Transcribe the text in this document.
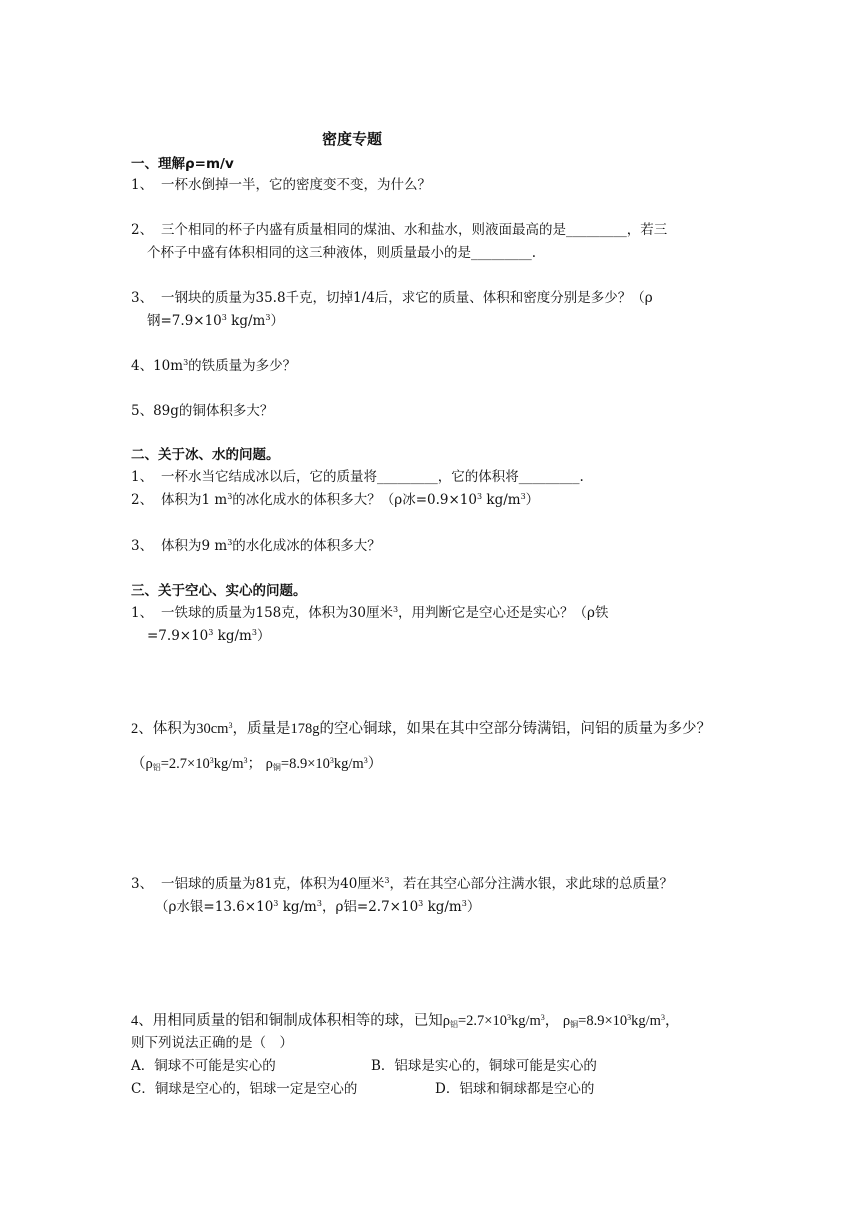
密度专题
一、理解ρ=m/v
1、 一杯水倒掉一半，它的密度变不变，为什么？
2、 三个相同的杯子内盛有质量相同的煤油、水和盐水，则液面最高的是_________，若三
个杯子中盛有体积相同的这三种液体，则质量最小的是_________.
3、 一钢块的质量为35.8千克，切掉1/4后，求它的质量、体积和密度分别是多少？（ρ
钢$=7.9\times 10^3$ $kg/m^3$）
4、$10m^3$的铁质量为多少？
5、89g的铜体积多大？
二、关于冰、水的问题。
1、 一杯水当它结成冰以后，它的质量将_________，它的体积将_________.
2、 体积为1 $m^3$的冰化成水的体积多大？（ρ冰$=0.9\times 10^3$ $kg/m^3$）
3、 体积为9 $m^3$的水化成冰的体积多大？
三、关于空心、实心的问题。
1、 一铁球的质量为158克，体积为30厘米$^3$，用判断它是空心还是实心？（ρ铁
$=7.9\times 10^3$ $kg/m^3$）
2、体积为$30cm^3$，质量是178g的空心铜球，如果在其中空部分铸满铝，问铝的质量为多少？
（$\rho_铝=2.7\times 10^3kg/m^3$； $\rho_铜=8.9\times 10^3kg/m^3$）
3、 一铝球的质量为81克，体积为40厘米$^3$，若在其空心部分注满水银，求此球的总质量？
（ρ水银$=13.6\times 10^3$ $kg/m^3$，ρ铝$=2.7\times 10^3$ $kg/m^3$）
4、用相同质量的铝和铜制成体积相等的球，已知$\rho_铝=2.7\times 10^3kg/m^3$， $\rho_铜=8.9\times 10^3kg/m^3$，
则下列说法正确的是（　）
A．铜球不可能是实心的	B．铝球是实心的，铜球可能是实心的
C．铜球是空心的，铝球一定是空心的	D．铝球和铜球都是空心的
